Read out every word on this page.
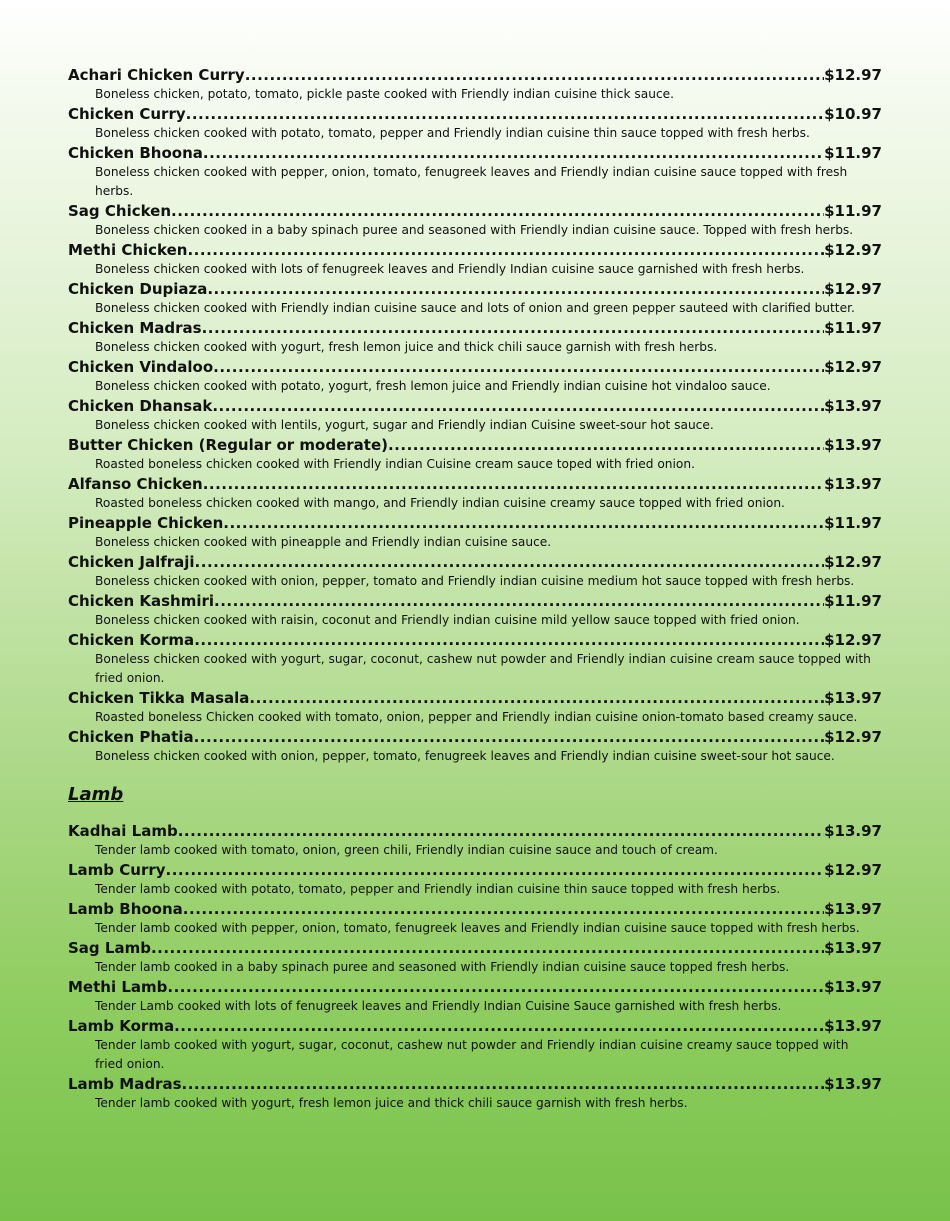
Achari Chicken Curry .....	$12.97
Boneless chicken, potato, tomato, pickle paste cooked with Friendly indian cuisine thick sauce.
Chicken Curry .....	$10.97
Boneless chicken cooked with potato, tomato, pepper and Friendly indian cuisine thin sauce topped with fresh herbs.
Chicken Bhoona .....	$11.97
Boneless chicken cooked with pepper, onion, tomato, fenugreek leaves and Friendly indian cuisine sauce topped with fresh herbs.
Sag Chicken .....	$11.97
Boneless chicken cooked in a baby spinach puree and seasoned with Friendly indian cuisine sauce. Topped with fresh herbs.
Methi Chicken .....	$12.97
Boneless chicken cooked with lots of fenugreek leaves and Friendly Indian cuisine sauce garnished with fresh herbs.
Chicken Dupiaza .....	$12.97
Boneless chicken cooked with Friendly indian cuisine sauce and lots of onion and green pepper sauteed with clarified butter.
Chicken Madras .....	$11.97
Boneless chicken cooked with yogurt, fresh lemon juice and thick chili sauce garnish with fresh herbs.
Chicken Vindaloo .....	$12.97
Boneless chicken cooked with potato, yogurt, fresh lemon juice and Friendly indian cuisine hot vindaloo sauce.
Chicken Dhansak .....	$13.97
Boneless chicken cooked with lentils, yogurt, sugar and Friendly indian Cuisine sweet-sour hot sauce.
Butter Chicken (Regular or moderate) .....	$13.97
Roasted boneless chicken cooked with Friendly indian Cuisine cream sauce toped with fried onion.
Alfanso Chicken .....	$13.97
Roasted boneless chicken cooked with mango, and Friendly indian cuisine creamy sauce topped with fried onion.
Pineapple Chicken .....	$11.97
Boneless chicken cooked with pineapple and Friendly indian cuisine sauce.
Chicken Jalfraji .....	$12.97
Boneless chicken cooked with onion, pepper, tomato and Friendly indian cuisine medium hot sauce topped with fresh herbs.
Chicken Kashmiri .....	$11.97
Boneless chicken cooked with raisin, coconut and Friendly indian cuisine mild yellow sauce topped with fried onion.
Chicken Korma .....	$12.97
Boneless chicken cooked with yogurt, sugar, coconut, cashew nut powder and Friendly indian cuisine cream sauce topped with fried onion.
Chicken Tikka Masala .....	$13.97
Roasted boneless Chicken cooked with tomato, onion, pepper and Friendly indian cuisine onion-tomato based creamy sauce.
Chicken Phatia .....	$12.97
Boneless chicken cooked with onion, pepper, tomato, fenugreek leaves and Friendly indian cuisine sweet-sour hot sauce.
Lamb
Kadhai Lamb .....	$13.97
Tender lamb cooked with tomato, onion, green chili, Friendly indian cuisine sauce and touch of cream.
Lamb Curry .....	$12.97
Tender lamb cooked with potato, tomato, pepper and Friendly indian cuisine thin sauce topped with fresh herbs.
Lamb Bhoona .....	$13.97
Tender lamb cooked with pepper, onion, tomato, fenugreek leaves and Friendly indian cuisine sauce topped with fresh herbs.
Sag Lamb .....	$13.97
Tender lamb cooked in a baby spinach puree and seasoned with Friendly indian cuisine sauce topped fresh herbs.
Methi Lamb .....	$13.97
Tender Lamb cooked with lots of fenugreek leaves and Friendly Indian Cuisine Sauce garnished with fresh herbs.
Lamb Korma .....	$13.97
Tender lamb cooked with yogurt, sugar, coconut, cashew nut powder and Friendly indian cuisine creamy sauce topped with fried onion.
Lamb Madras .....	$13.97
Tender lamb cooked with yogurt, fresh lemon juice and thick chili sauce garnish with fresh herbs.
